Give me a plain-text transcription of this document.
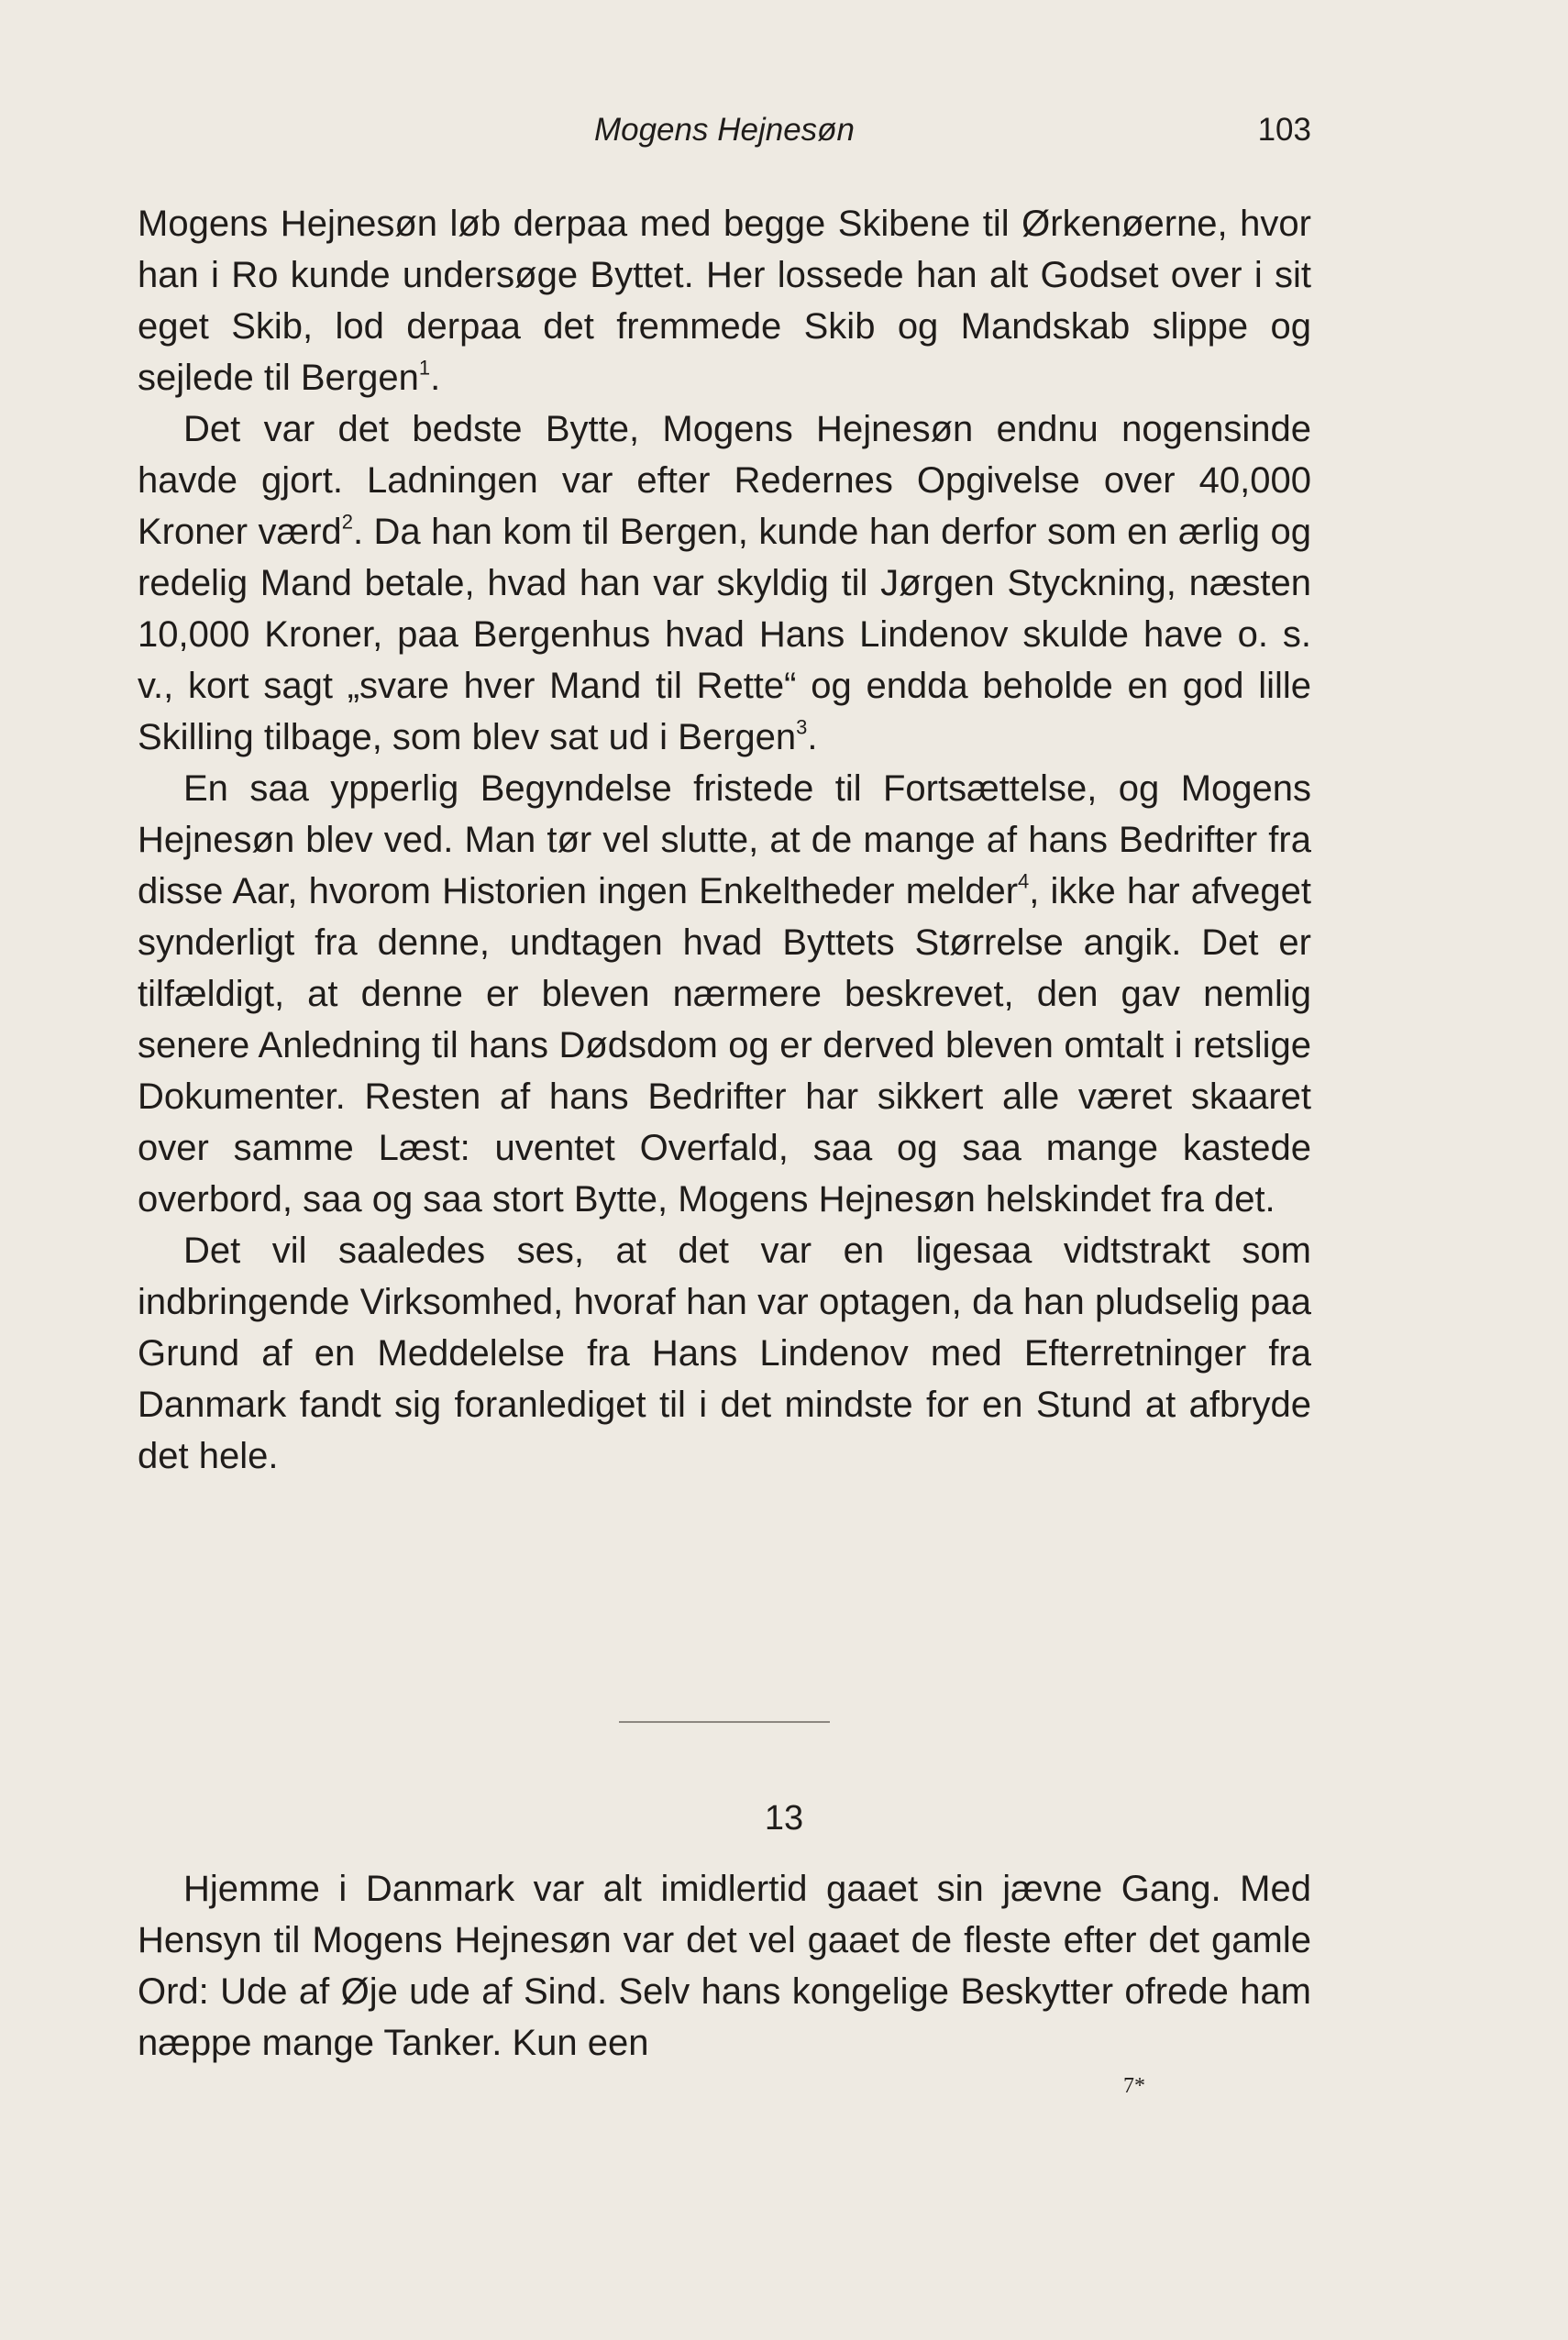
Mogens Hejnesøn	103

Mogens Hejnesøn løb derpaa med begge Skibene til Ørkenøerne, hvor han i Ro kunde undersøge Byttet. Her lossede han alt Godset over i sit eget Skib, lod derpaa det fremmede Skib og Mandskab slippe og sejlede til Bergen$^1$.

Det var det bedste Bytte, Mogens Hejnesøn endnu nogensinde havde gjort. Ladningen var efter Redernes Opgivelse over 40,000 Kroner værd$^2$. Da han kom til Bergen, kunde han derfor som en ærlig og redelig Mand betale, hvad han var skyldig til Jørgen Styckning, næsten 10,000 Kroner, paa Bergenhus hvad Hans Lindenov skulde have o. s. v., kort sagt „svare hver Mand til Rette“ og endda beholde en god lille Skilling tilbage, som blev sat ud i Bergen$^3$.

En saa ypperlig Begyndelse fristede til Fortsættelse, og Mogens Hejnesøn blev ved. Man tør vel slutte, at de mange af hans Bedrifter fra disse Aar, hvorom Historien ingen Enkeltheder melder$^4$, ikke har afveget synderligt fra denne, undtagen hvad Byttets Størrelse angik. Det er tilfældigt, at denne er bleven nærmere beskrevet, den gav nemlig senere Anledning til hans Dødsdom og er derved bleven omtalt i retslige Dokumenter. Resten af hans Bedrifter har sikkert alle været skaaret over samme Læst: uventet Overfald, saa og saa mange kastede overbord, saa og saa stort Bytte, Mogens Hejnesøn helskindet fra det.

Det vil saaledes ses, at det var en ligesaa vidtstrakt som indbringende Virksomhed, hvoraf han var optagen, da han pludselig paa Grund af en Meddelelse fra Hans Lindenov med Efterretninger fra Danmark fandt sig foranlediget til i det mindste for en Stund at afbryde det hele.

13

Hjemme i Danmark var alt imidlertid gaaet sin jævne Gang. Med Hensyn til Mogens Hejnesøn var det vel gaaet de fleste efter det gamle Ord: Ude af Øje ude af Sind. Selv hans kongelige Beskytter ofrede ham næppe mange Tanker. Kun een

7*
